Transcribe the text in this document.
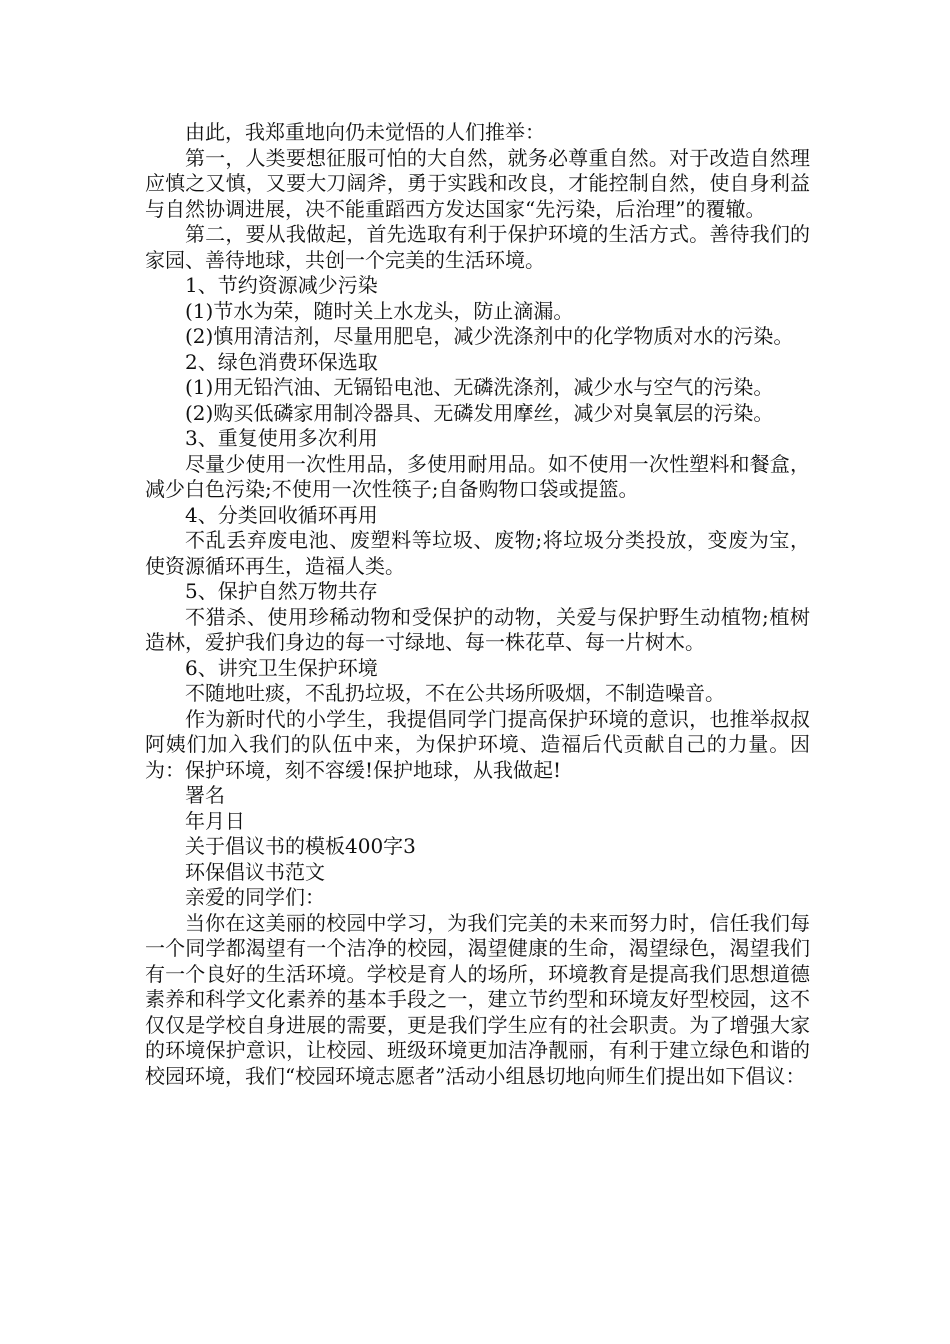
由此，我郑重地向仍未觉悟的人们推举：

第一，人类要想征服可怕的大自然，就务必尊重自然。对于改造自然理应慎之又慎，又要大刀阔斧，勇于实践和改良，才能控制自然，使自身利益与自然协调进展，决不能重蹈西方发达国家“先污染，后治理”的覆辙。

第二，要从我做起，首先选取有利于保护环境的生活方式。善待我们的家园、善待地球，共创一个完美的生活环境。

1、节约资源减少污染

(1)节水为荣，随时关上水龙头，防止滴漏。

(2)慎用清洁剂，尽量用肥皂，减少洗涤剂中的化学物质对水的污染。

2、绿色消费环保选取

(1)用无铅汽油、无镉铅电池、无磷洗涤剂，减少水与空气的污染。

(2)购买低磷家用制冷器具、无磷发用摩丝，减少对臭氧层的污染。

3、重复使用多次利用

尽量少使用一次性用品，多使用耐用品。如不使用一次性塑料和餐盒，减少白色污染;不使用一次性筷子;自备购物口袋或提篮。

4、分类回收循环再用

不乱丢弃废电池、废塑料等垃圾、废物;将垃圾分类投放，变废为宝，使资源循环再生，造福人类。

5、保护自然万物共存

不猎杀、使用珍稀动物和受保护的动物，关爱与保护野生动植物;植树造林，爱护我们身边的每一寸绿地、每一株花草、每一片树木。

6、讲究卫生保护环境

不随地吐痰，不乱扔垃圾，不在公共场所吸烟，不制造噪音。

作为新时代的小学生，我提倡同学门提高保护环境的意识，也推举叔叔阿姨们加入我们的队伍中来，为保护环境、造福后代贡献自己的力量。因为：保护环境，刻不容缓!保护地球，从我做起!

署名

年月日

关于倡议书的模板400字3

环保倡议书范文

亲爱的同学们：

当你在这美丽的校园中学习，为我们完美的未来而努力时，信任我们每一个同学都渴望有一个洁净的校园，渴望健康的生命，渴望绿色，渴望我们有一个良好的生活环境。学校是育人的场所，环境教育是提高我们思想道德素养和科学文化素养的基本手段之一，建立节约型和环境友好型校园，这不仅仅是学校自身进展的需要，更是我们学生应有的社会职责。为了增强大家的环境保护意识，让校园、班级环境更加洁净靓丽，有利于建立绿色和谐的校园环境，我们“校园环境志愿者”活动小组恳切地向师生们提出如下倡议：
